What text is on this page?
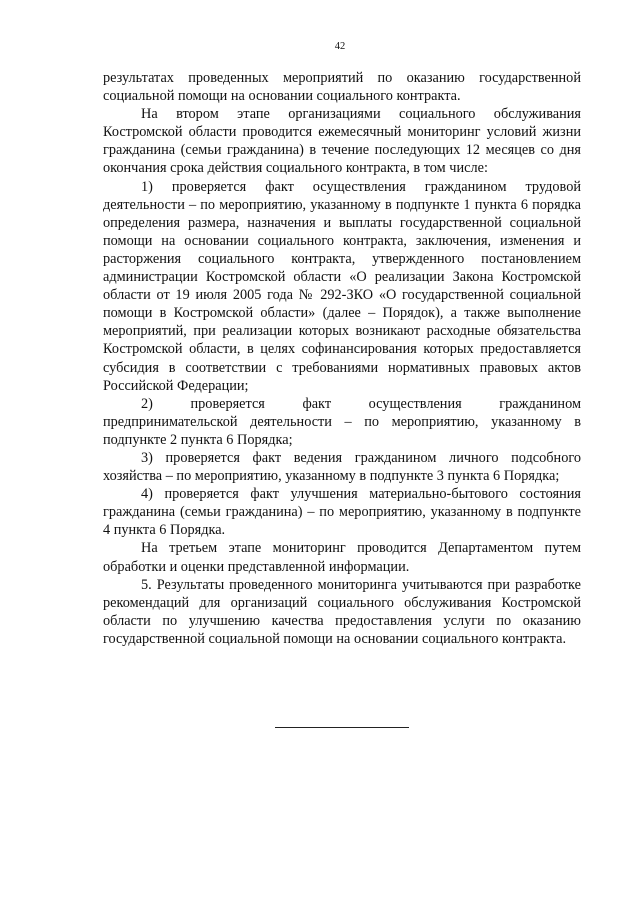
42

результатах проведенных мероприятий по оказанию государственной социальной помощи на основании социального контракта.

На втором этапе организациями социального обслуживания Костромской области проводится ежемесячный мониторинг условий жизни гражданина (семьи гражданина) в течение последующих 12 месяцев со дня окончания срока действия социального контракта, в том числе:

1) проверяется факт осуществления гражданином трудовой деятельности – по мероприятию, указанному в подпункте 1 пункта 6 порядка определения размера, назначения и выплаты государственной социальной помощи на основании социального контракта, заключения, изменения и расторжения социального контракта, утвержденного постановлением администрации Костромской области «О реализации Закона Костромской области от 19 июля 2005 года № 292-ЗКО «О государственной социальной помощи в Костромской области» (далее – Порядок), а также выполнение мероприятий, при реализации которых возникают расходные обязательства Костромской области, в целях софинансирования которых предоставляется субсидия в соответствии с требованиями нормативных правовых актов Российской Федерации;

2) проверяется факт осуществления гражданином предпринимательской деятельности – по мероприятию, указанному в подпункте 2 пункта 6 Порядка;

3) проверяется факт ведения гражданином личного подсобного хозяйства – по мероприятию, указанному в подпункте 3 пункта 6 Порядка;

4) проверяется факт улучшения материально-бытового состояния гражданина (семьи гражданина) – по мероприятию, указанному в подпункте 4 пункта 6 Порядка.

На третьем этапе мониторинг проводится Департаментом путем обработки и оценки представленной информации.

5. Результаты проведенного мониторинга учитываются при разработке рекомендаций для организаций социального обслуживания Костромской области по улучшению качества предоставления услуги по оказанию государственной социальной помощи на основании социального контракта.
